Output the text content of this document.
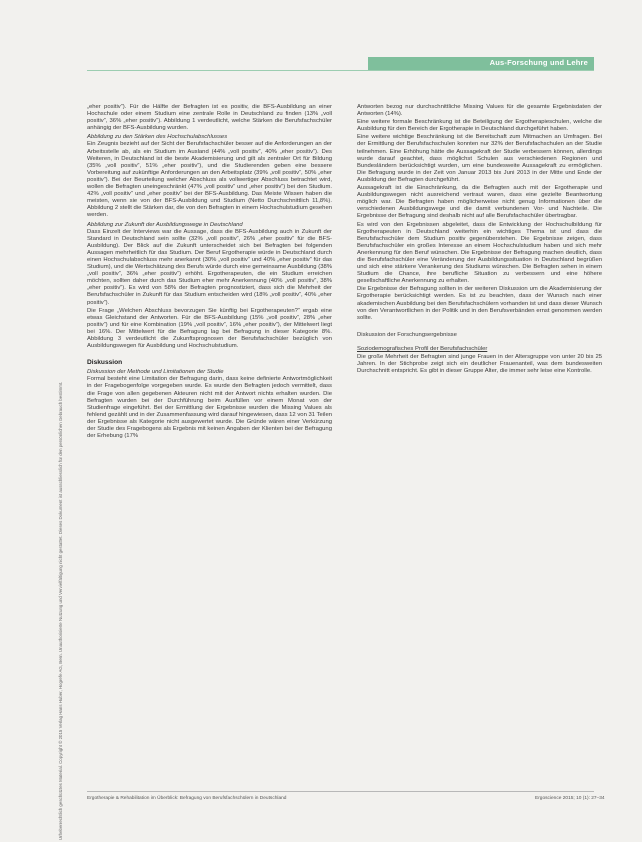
Aus-Forschung und Lehre
Urheberrechtlich geschütztes Material. Copyright © 2015 Verlag Hans Huber, Hogrefe AG, Bern. Unauthorisierte Nutzung und Vervielfältigung nicht gestattet. Dieses Dokument ist ausschliesslich für den persönlichen Gebrauch bestimmt.

„eher positiv“). Für die Hälfte der Befragten ist es positiv, die BFS-Ausbildung an einer Hochschule oder einem Studium eine zentrale Rolle in Deutschland zu finden (13% „voll positiv“, 36% „eher positiv“). Abbildung 1 verdeutlicht, welche Stärken die Berufsfachschüler anhängig der BFS-Ausbildung wurden.

Abbildung zu den Stärken des Hochschulabschlusses

Ein Zeugnis bezieht auf der Sicht der Berufsfachschüler besser auf die Anforderungen an der Arbeitsstelle ab, als ein Studium im Ausland (44% „voll positiv“, 40% „eher positiv“). Des Weiteren, in Deutschland ist die beste Akademisierung und gilt als zentraler Ort für Bildung (35% „voll positiv“, 51% „eher positiv“), und die Studierenden geben eine bessere Vorbereitung auf zukünftige Anforderungen an den Arbeitsplatz (39% „voll positiv“, 50% „eher positiv“). Bei der Beurteilung welcher Abschluss als vollwertiger Abschluss betrachtet wird, wollen die Befragten uneingeschränkt (47% „voll positiv“ und „eher positiv“) bei den Studium. 42% „voll positiv“ und „eher positiv“ bei der BFS-Ausbildung. Das Meiste Wissen haben die meisten, wenn sie von der BFS-Ausbildung und Studium (Netto Durchschnittlich 11,8%). Abbildung 2 stellt die Stärken dar, die von den Befragten in einem Hochschulstudium gesehen werden.

Abbildung zur Zukunft der Ausbildungswege in Deutschland

Dass Einzelt der Interviews war die Aussage, dass die BFS-Ausbildung auch in Zukunft der Standard in Deutschland sein sollte (32% „voll positiv“, 26% „eher positiv“ für die BFS-Ausbildung). Der Blick auf die Zukunft unterscheidet sich bei Befragten bei folgenden Aussagen mehrheitlich für das Studium. Der Beruf Ergotherapie würde in Deutschland durch einen Hochschulabschluss mehr anerkannt (30% „voll positiv“ und 40% „eher positiv“ für das Studium), und die Wertschätzung des Berufs würde durch eine gemeinsame Ausbildung (38% „voll positiv“, 36% „eher positiv“) erhöht. Ergotherapeuten, die ein Studium erreichen möchten, sollten daher durch das Studium eher mehr Anerkennung (40% „voll positiv“, 38% „eher positiv“). Es wird von 58% der Befragten prognostiziert, dass sich die Mehrheit der Berufsfachschüler in Zukunft für das Studium entscheiden wird (18% „voll positiv“, 40% „eher positiv“).

Die Frage „Welchen Abschluss bevorzugen Sie künftig bei Ergotherapeuten?“ ergab eine etwas Gleichstand der Antworten. Für die BFS-Ausbildung (15% „voll positiv“, 28% „eher positiv“) und für eine Kombination (19% „voll positiv“, 16% „eher positiv“), der Mittelwert liegt bei 16%. Der Mittelwert für die Befragung lag bei Befragung in dieser Kategorie 8%. Abbildung 3 verdeutlicht die Zukunftsprognosen der Berufsfachschüler bezüglich von Ausbildungswegen für Ausbildung und Hochschulstudium.

Diskussion

Diskussion der Methode und Limitationen der Studie

Formal besteht eine Limitation der Befragung darin, dass keine definierte Antwortmöglichkeit in der Fragebogenfolge vorgegeben wurde. Es wurde den Befragten jedoch vermittelt, dass die Frage von allen gegebenen Akteuren nicht mit der Antwort nichts erhalten wurden. Die Befragten wurden bei der Durchführung beim Ausfüllen vor einem Monat von der Studienfrage eingeführt. Bei der Ermittlung der Ergebnisse wurden die Missing Values als fehlend gezählt und in der Zusammenfassung wird darauf hingewiesen, dass 12 von 31 Teilen der Ergebnisse als Kategorie nicht ausgewertet wurde. Die Gründe wären einer Verkürzung der Studie des Fragebogens als Ergebnis mit keinen Angaben der Klienten bei der Befragung der Erhebung (17%

Antworten bezog nur durchschnittliche Missing Values für die gesamte Ergebnisdaten der Antworten (14%).

Eine weitere formale Beschränkung ist die Beteiligung der Ergotherapieschulen, welche die Ausbildung für den Bereich der Ergotherapie in Deutschland durchgeführt haben.

Eine weitere wichtige Beschränkung ist die Bereitschaft zum Mitmachen an Umfragen. Bei der Ermittlung der Berufsfachschulen konnten nur 32% der Berufsfachschulen an der Studie teilnehmen. Eine Erhöhung hätte die Aussagekraft der Studie verbessern können, allerdings wurde darauf geachtet, dass möglichst Schulen aus verschiedenen Regionen und Bundesländern berücksichtigt wurden, um eine bundesweite Aussagekraft zu ermöglichen. Die Befragung wurde in der Zeit von Januar 2013 bis Juni 2013 in der Mitte und Ende der Ausbildung der Befragten durchgeführt.

Aussagekraft ist die Einschränkung, da die Befragten auch mit der Ergotherapie und Ausbildungswegen nicht ausreichend vertraut waren, dass eine gezielte Beantwortung möglich war. Die Befragten haben möglicherweise nicht genug Informationen über die verschiedenen Ausbildungswege und die damit verbundenen Vor- und Nachteile. Die Ergebnisse der Befragung sind deshalb nicht auf alle Berufsfachschüler übertragbar.

Es wird von den Ergebnissen abgeleitet, dass die Entwicklung der Hochschulbildung für Ergotherapeuten in Deutschland weiterhin ein wichtiges Thema ist und dass die Berufsfachschüler dem Studium positiv gegenüberstehen. Die Ergebnisse zeigen, dass Berufsfachschüler ein großes Interesse an einem Hochschulstudium haben und sich mehr Anerkennung für den Beruf wünschen. Die Ergebnisse der Befragung machen deutlich, dass die Berufsfachschüler eine Veränderung der Ausbildungssituation in Deutschland begrüßen und sich eine stärkere Verankerung des Studiums wünschen. Die Befragten sehen in einem Studium die Chance, ihre berufliche Situation zu verbessern und eine höhere gesellschaftliche Anerkennung zu erhalten.

Die Ergebnisse der Befragung sollten in der weiteren Diskussion um die Akademisierung der Ergotherapie berücksichtigt werden. Es ist zu beachten, dass der Wunsch nach einer akademischen Ausbildung bei den Berufsfachschülern vorhanden ist und dass dieser Wunsch von den Verantwortlichen in der Politik und in den Berufsverbänden ernst genommen werden sollte.

Diskussion der Forschungsergebnisse

Soziodemografisches Profil der Berufsfachschüler

Die große Mehrheit der Befragten sind junge Frauen in der Altersgruppe von unter 20 bis 25 Jahren. In der Stichprobe zeigt sich ein deutlicher Frauenanteil, was dem bundesweiten Durchschnitt entspricht. Es gibt in dieser Gruppe Alter, die immer sehr leise eine Kontrolle.

Ergotherapie & Rehabilitation im Überblick: Befragung von Berufsfachschülern in Deutschland	Ergoscience 2015; 10 (1): 27–34
